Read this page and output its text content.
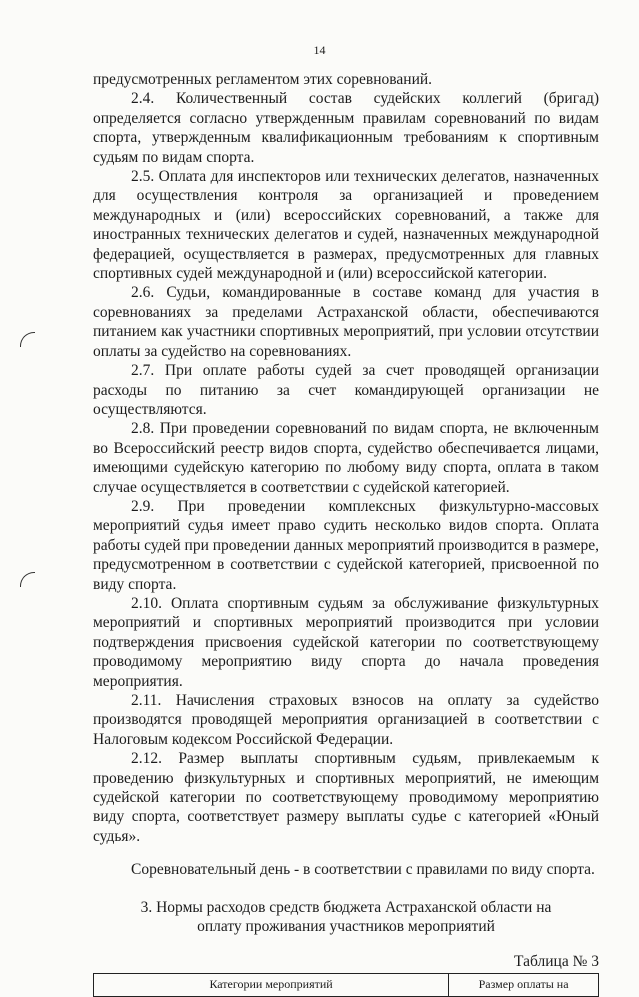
14

предусмотренных регламентом этих соревнований.

2.4. Количественный состав судейских коллегий (бригад) определяется согласно утвержденным правилам соревнований по видам спорта, утвержденным квалификационным требованиям к спортивным судьям по видам спорта.

2.5. Оплата для инспекторов или технических делегатов, назначенных для осуществления контроля за организацией и проведением международных и (или) всероссийских соревнований, а также для иностранных технических делегатов и судей, назначенных международной федерацией, осуществляется в размерах, предусмотренных для главных спортивных судей международной и (или) всероссийской категории.

2.6. Судьи, командированные в составе команд для участия в соревнованиях за пределами Астраханской области, обеспечиваются питанием как участники спортивных мероприятий, при условии отсутствии оплаты за судейство на соревнованиях.

2.7. При оплате работы судей за счет проводящей организации расходы по питанию за счет командирующей организации не осуществляются.

2.8. При проведении соревнований по видам спорта, не включенным во Всероссийский реестр видов спорта, судейство обеспечивается лицами, имеющими судейскую категорию по любому виду спорта, оплата в таком случае осуществляется в соответствии с судейской категорией.

2.9. При проведении комплексных физкультурно-массовых мероприятий судья имеет право судить несколько видов спорта. Оплата работы судей при проведении данных мероприятий производится в размере, предусмотренном в соответствии с судейской категорией, присвоенной по виду спорта.

2.10. Оплата спортивным судьям за обслуживание физкультурных мероприятий и спортивных мероприятий производится при условии подтверждения присвоения судейской категории по соответствующему проводимому мероприятию виду спорта до начала проведения мероприятия.

2.11. Начисления страховых взносов на оплату за судейство производятся проводящей мероприятия организацией в соответствии с Налоговым кодексом Российской Федерации.

2.12. Размер выплаты спортивным судьям, привлекаемым к проведению физкультурных и спортивных мероприятий, не имеющим судейской категории по соответствующему проводимому мероприятию виду спорта, соответствует размеру выплаты судье с категорией «Юный судья».

Соревновательный день - в соответствии с правилами по виду спорта.

3. Нормы расходов средств бюджета Астраханской области на оплату проживания участников мероприятий
Таблица № 3
Категории мероприятий	Размер оплаты на
